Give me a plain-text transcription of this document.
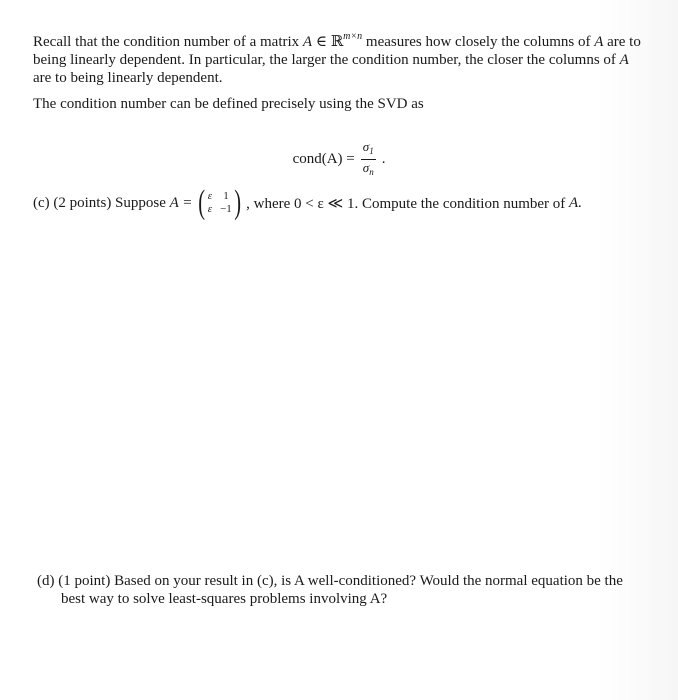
Recall that the condition number of a matrix A ∈ ℝ$^{m\times n}$ measures how closely the columns of A are to being linearly dependent. In particular, the larger the condition number, the closer the columns of A are to being linearly dependent.
The condition number can be defined precisely using the SVD as
cond(A) = $\frac{\sigma_1}{\sigma_n}$ .
(c) (2 points) Suppose
A = ( ε 1
ε −1 ) , where 0 < ε ≪ 1. Compute the condition number of
A.
(d) (1 point) Based on your result in (c), is A well-conditioned? Would the normal equation be the
best way to solve least-squares problems involving A?
